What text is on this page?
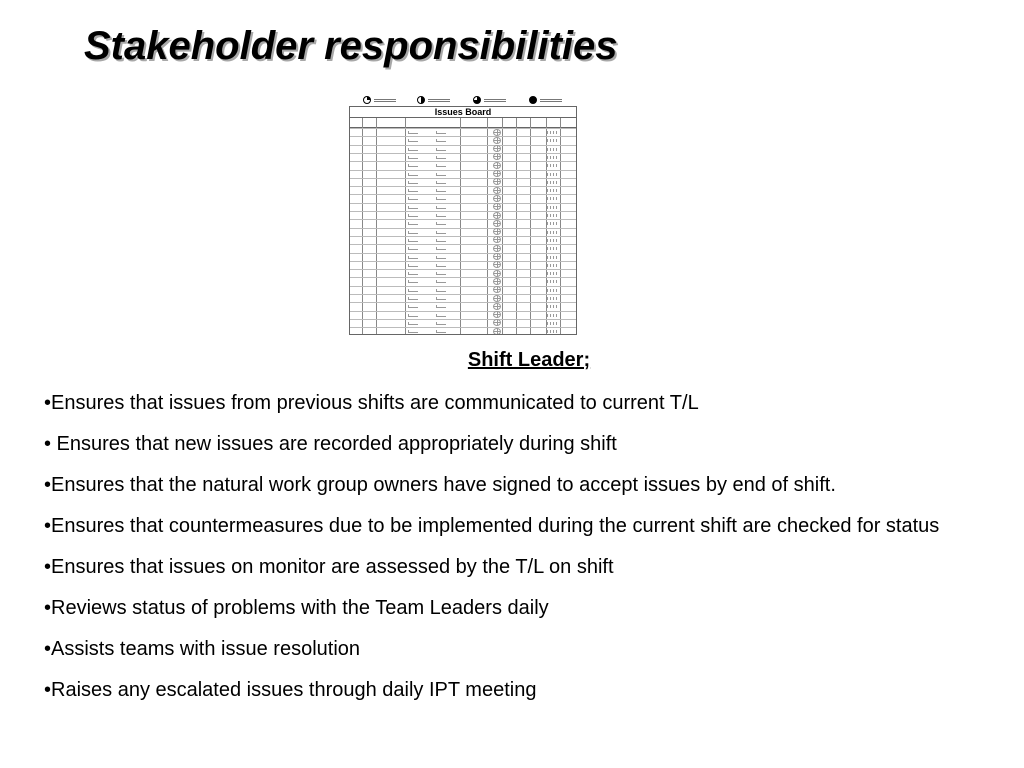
Stakeholder responsibilities
Issues Board
Shift Leader;
•Ensures that issues from previous shifts are communicated to current T/L
• Ensures that new issues are recorded appropriately during shift
•Ensures that the natural work group owners have signed to accept issues by end of shift.
•Ensures that countermeasures due to be implemented during the current shift are checked for status
•Ensures that issues on monitor are assessed by the T/L on shift
•Reviews status of problems with the Team Leaders daily
•Assists teams with issue resolution
•Raises any escalated issues through daily IPT meeting
